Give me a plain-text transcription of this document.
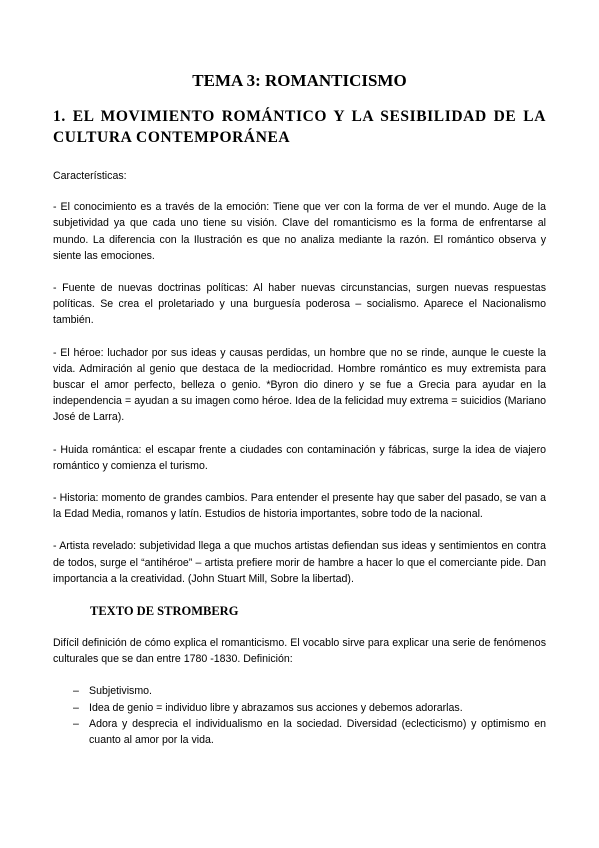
TEMA 3: ROMANTICISMO
1. EL MOVIMIENTO ROMÁNTICO Y LA SESIBILIDAD DE LA CULTURA CONTEMPORÁNEA

Características:

- El conocimiento es a través de la emoción: Tiene que ver con la forma de ver el mundo. Auge de la subjetividad ya que cada uno tiene su visión. Clave del romanticismo es la forma de enfrentarse al mundo. La diferencia con la Ilustración es que no analiza mediante la razón. El romántico observa y siente las emociones.

- Fuente de nuevas doctrinas políticas: Al haber nuevas circunstancias, surgen nuevas respuestas políticas. Se crea el proletariado y una burguesía poderosa – socialismo. Aparece el Nacionalismo también.

- El héroe: luchador por sus ideas y causas perdidas, un hombre que no se rinde, aunque le cueste la vida. Admiración al genio que destaca de la mediocridad. Hombre romántico es muy extremista para buscar el amor perfecto, belleza o genio. *Byron dio dinero y se fue a Grecia para ayudar en la independencia = ayudan a su imagen como héroe. Idea de la felicidad muy extrema = suicidios (Mariano José de Larra).

- Huida romántica: el escapar frente a ciudades con contaminación y fábricas, surge la idea de viajero romántico y comienza el turismo.

- Historia: momento de grandes cambios. Para entender el presente hay que saber del pasado, se van a la Edad Media, romanos y latín. Estudios de historia importantes, sobre todo de la nacional.

- Artista revelado: subjetividad llega a que muchos artistas defiendan sus ideas y sentimientos en contra de todos, surge el “antihéroe” – artista prefiere morir de hambre a hacer lo que el comerciante pide. Dan importancia a la creatividad. (John Stuart Mill, Sobre la libertad).

TEXTO DE STROMBERG

Difícil definición de cómo explica el romanticismo. El vocablo sirve para explicar una serie de fenómenos culturales que se dan entre 1780 -1830. Definición:

– Subjetivismo.
– Idea de genio = individuo libre y abrazamos sus acciones y debemos adorarlas.
– Adora y desprecia el individualismo en la sociedad. Diversidad (eclecticismo) y optimismo en cuanto al amor por la vida.
